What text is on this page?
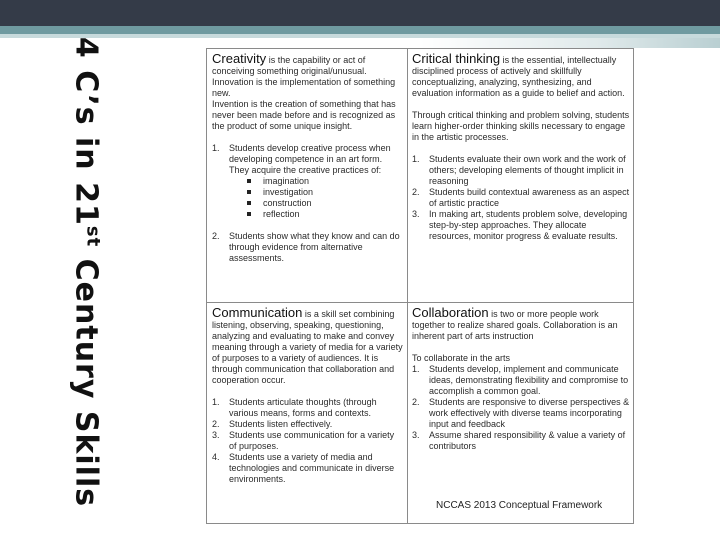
4 C’s in 21st Century Skills

Creativity is the capability or act of conceiving something original/unusual.

Innovation is the implementation of something new.

Invention is the creation of something that has never been made before and is recognized as the product of some unique insight.

1. Students develop creative process when developing competence in an art form. They acquire the creative practices of:
imagination
investigation
construction
reflection
2. Students show what they know and can do through evidence from alternative assessments.

Critical thinking is the essential, intellectually disciplined process of actively and skillfully conceptualizing, analyzing, synthesizing, and evaluation information as a guide to belief and action.

Through critical thinking and problem solving, students learn higher-order thinking skills necessary to engage in the artistic processes.

1. Students evaluate their own work and the work of others; developing elements of thought implicit in reasoning
2. Students build contextual awareness as an aspect of artistic practice
3. In making art, students problem solve, developing step-by-step approaches. They allocate resources, monitor progress & evaluate results.

Communication is a skill set combining listening, observing, speaking, questioning, analyzing and evaluating to make and convey meaning through a variety of media for a variety of purposes to a variety of audiences. It is through communication that collaboration and cooperation occur.

1. Students articulate thoughts (through various means, forms and contexts.
2. Students listen effectively.
3. Students use communication for a variety of purposes.
4. Students use a variety of media and technologies and communicate in diverse environments.

Collaboration is two or more people work together to realize shared goals. Collaboration is an inherent part of arts instruction

To collaborate in the arts

1. Students develop, implement and communicate ideas, demonstrating flexibility and compromise to accomplish a common goal.
2. Students are responsive to diverse perspectives & work effectively with diverse teams incorporating input and feedback
3. Assume shared responsibility & value a variety of contributors
NCCAS 2013 Conceptual Framework
